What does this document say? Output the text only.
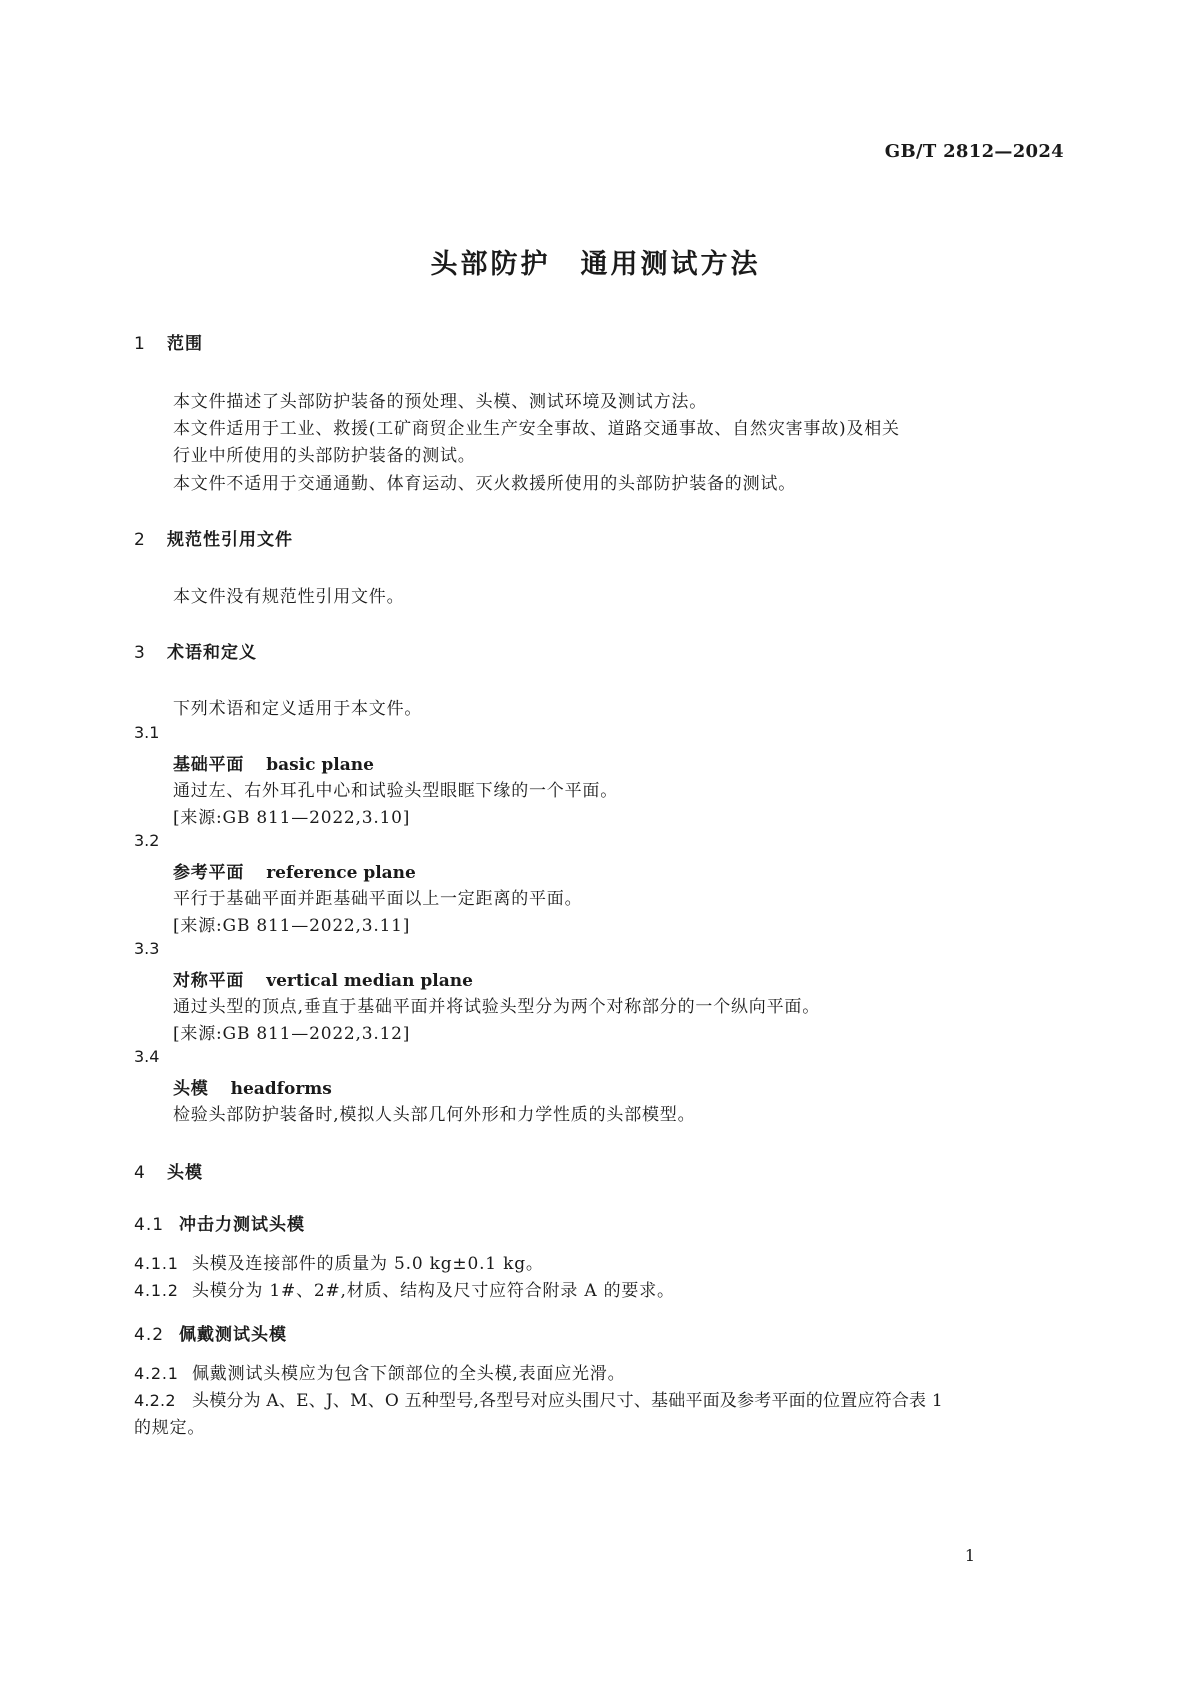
GB/T 2812—2024
头部防护　通用测试方法
1 范围
本文件描述了头部防护装备的预处理、头模、测试环境及测试方法。
本文件适用于工业、救援(工矿商贸企业生产安全事故、道路交通事故、自然灾害事故)及相关
行业中所使用的头部防护装备的测试。
本文件不适用于交通通勤、体育运动、灭火救援所使用的头部防护装备的测试。
2 规范性引用文件
本文件没有规范性引用文件。
3 术语和定义
下列术语和定义适用于本文件。
3.1
基础平面 basic plane
通过左、右外耳孔中心和试验头型眼眶下缘的一个平面。
[来源:GB 811—2022,3.10]
3.2
参考平面 reference plane
平行于基础平面并距基础平面以上一定距离的平面。
[来源:GB 811—2022,3.11]
3.3
对称平面 vertical median plane
通过头型的顶点,垂直于基础平面并将试验头型分为两个对称部分的一个纵向平面。
[来源:GB 811—2022,3.12]
3.4
头模 headforms
检验头部防护装备时,模拟人头部几何外形和力学性质的头部模型。
4 头模
4.1 冲击力测试头模
4.1.1 头模及连接部件的质量为 5.0 kg±0.1 kg。
4.1.2 头模分为 1#、2#,材质、结构及尺寸应符合附录 A 的要求。
4.2 佩戴测试头模
4.2.1 佩戴测试头模应为包含下颌部位的全头模,表面应光滑。
4.2.2 头模分为 A、E、J、M、O 五种型号,各型号对应头围尺寸、基础平面及参考平面的位置应符合表 1
的规定。
1
